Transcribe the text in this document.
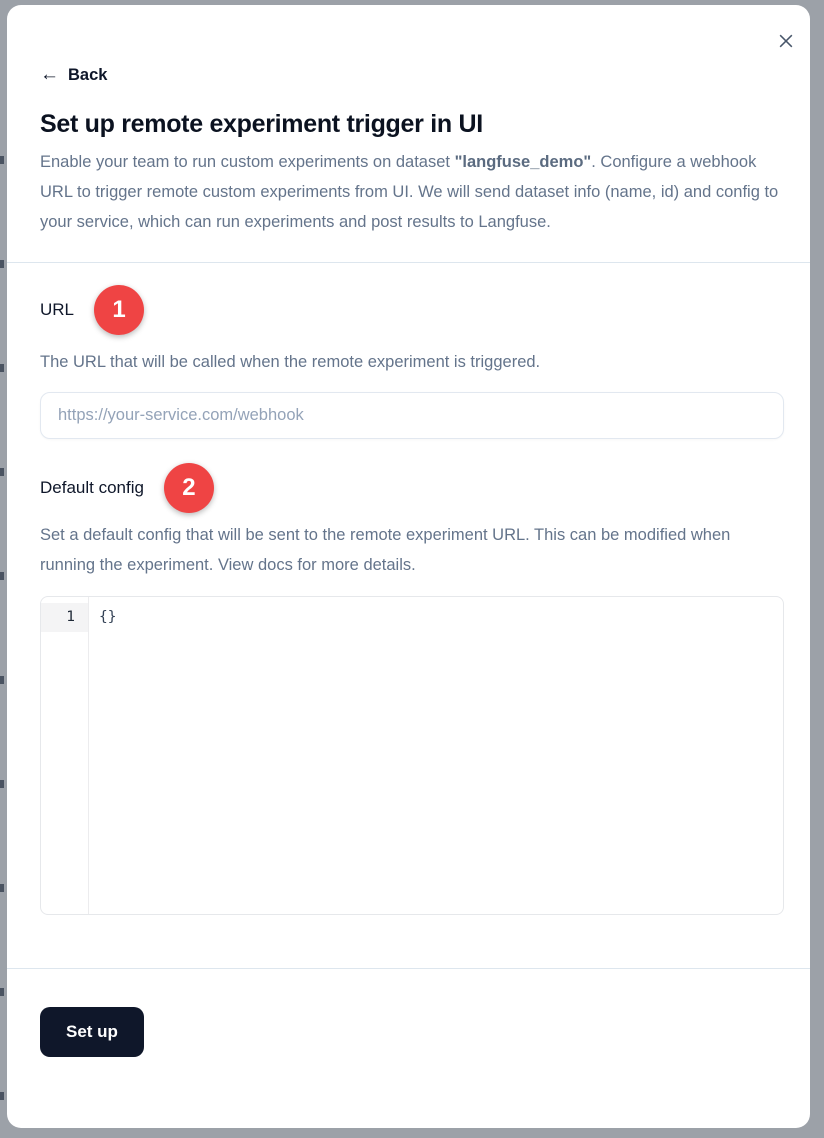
← Back
Set up remote experiment trigger in UI

Enable your team to run custom experiments on dataset "langfuse_demo". Configure a webhook URL to trigger remote custom experiments from UI. We will send dataset info (name, id) and config to your service, which can run experiments and post results to Langfuse.

URL	1

The URL that will be called when the remote experiment is triggered.

https://your-service.com/webhook
Default config	2

Set a default config that will be sent to the remote experiment URL. This can be modified when running the experiment. View docs for more details.

1	{}
Set up
